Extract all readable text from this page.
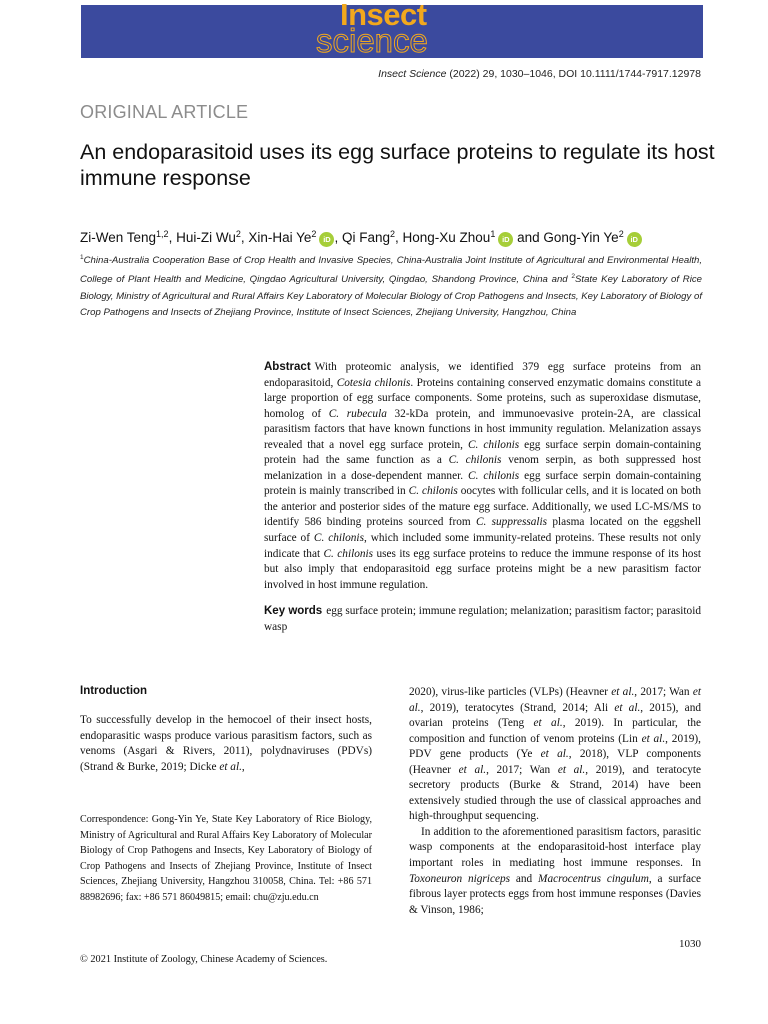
Insect
science
Insect Science (2022) 29, 1030–1046, DOI 10.1111/1744-7917.12978
ORIGINAL ARTICLE
An endoparasitoid uses its egg surface proteins to regulate its host immune response
Zi-Wen Teng$^{1,2}$, Hui-Zi Wu$^2$, Xin-Hai Ye$^2$iD , Qi Fang$^2$, Hong-Xu Zhou$^1$iD and Gong-Yin Ye$^2$iD
$^1$China-Australia Cooperation Base of Crop Health and Invasive Species, China-Australia Joint Institute of Agricultural and Environmental Health, College of Plant Health and Medicine, Qingdao Agricultural University, Qingdao, Shandong Province, China and $^2$State Key Laboratory of Rice Biology, Ministry of Agricultural and Rural Affairs Key Laboratory of Molecular Biology of Crop Pathogens and Insects, Key Laboratory of Biology of Crop Pathogens and Insects of Zhejiang Province, Institute of Insect Sciences, Zhejiang University, Hangzhou, China
Abstract With proteomic analysis, we identified 379 egg surface proteins from an endoparasitoid, Cotesia chilonis. Proteins containing conserved enzymatic domains constitute a large proportion of egg surface components. Some proteins, such as superoxidase dismutase, homolog of C. rubecula 32-kDa protein, and immunoevasive protein-2A, are classical parasitism factors that have known functions in host immunity regulation. Melanization assays revealed that a novel egg surface protein, C. chilonis egg surface serpin domain-containing protein had the same function as a C. chilonis venom serpin, as both suppressed host melanization in a dose-dependent manner. C. chilonis egg surface serpin domain-containing protein is mainly transcribed in C. chilonis oocytes with follicular cells, and it is located on both the anterior and posterior sides of the mature egg surface. Additionally, we used LC-MS/MS to identify 586 binding proteins sourced from C. suppressalis plasma located on the eggshell surface of C. chilonis, which included some immunity-related proteins. These results not only indicate that C. chilonis uses its egg surface proteins to reduce the immune response of its host but also imply that endoparasitoid egg surface proteins might be a new parasitism factor involved in host immune regulation.
Key words egg surface protein; immune regulation; melanization; parasitism factor; parasitoid wasp
Introduction

To successfully develop in the hemocoel of their insect hosts, endoparasitic wasps produce various parasitism factors, such as venoms (Asgari & Rivers, 2011), polydnaviruses (PDVs) (Strand & Burke, 2019; Dicke et al.,

Correspondence: Gong-Yin Ye, State Key Laboratory of Rice Biology, Ministry of Agricultural and Rural Affairs Key Laboratory of Molecular Biology of Crop Pathogens and Insects, Key Laboratory of Biology of Crop Pathogens and Insects of Zhejiang Province, Institute of Insect Sciences, Zhejiang University, Hangzhou 310058, China. Tel: +86 571 88982696; fax: +86 571 86049815; email: chu@zju.edu.cn

2020), virus-like particles (VLPs) (Heavner et al., 2017; Wan et al., 2019), teratocytes (Strand, 2014; Ali et al., 2015), and ovarian proteins (Teng et al., 2019). In particular, the composition and function of venom proteins (Lin et al., 2019), PDV gene products (Ye et al., 2018), VLP components (Heavner et al., 2017; Wan et al., 2019), and teratocyte secretory products (Burke & Strand, 2014) have been extensively studied through the use of classical approaches and high-throughput sequencing.

In addition to the aforementioned parasitism factors, parasitic wasp components at the endoparasitoid-host interface play important roles in mediating host immune responses. In Toxoneuron nigriceps and Macrocentrus cingulum, a surface fibrous layer protects eggs from host immune responses (Davies & Vinson, 1986;

1030
© 2021 Institute of Zoology, Chinese Academy of Sciences.
